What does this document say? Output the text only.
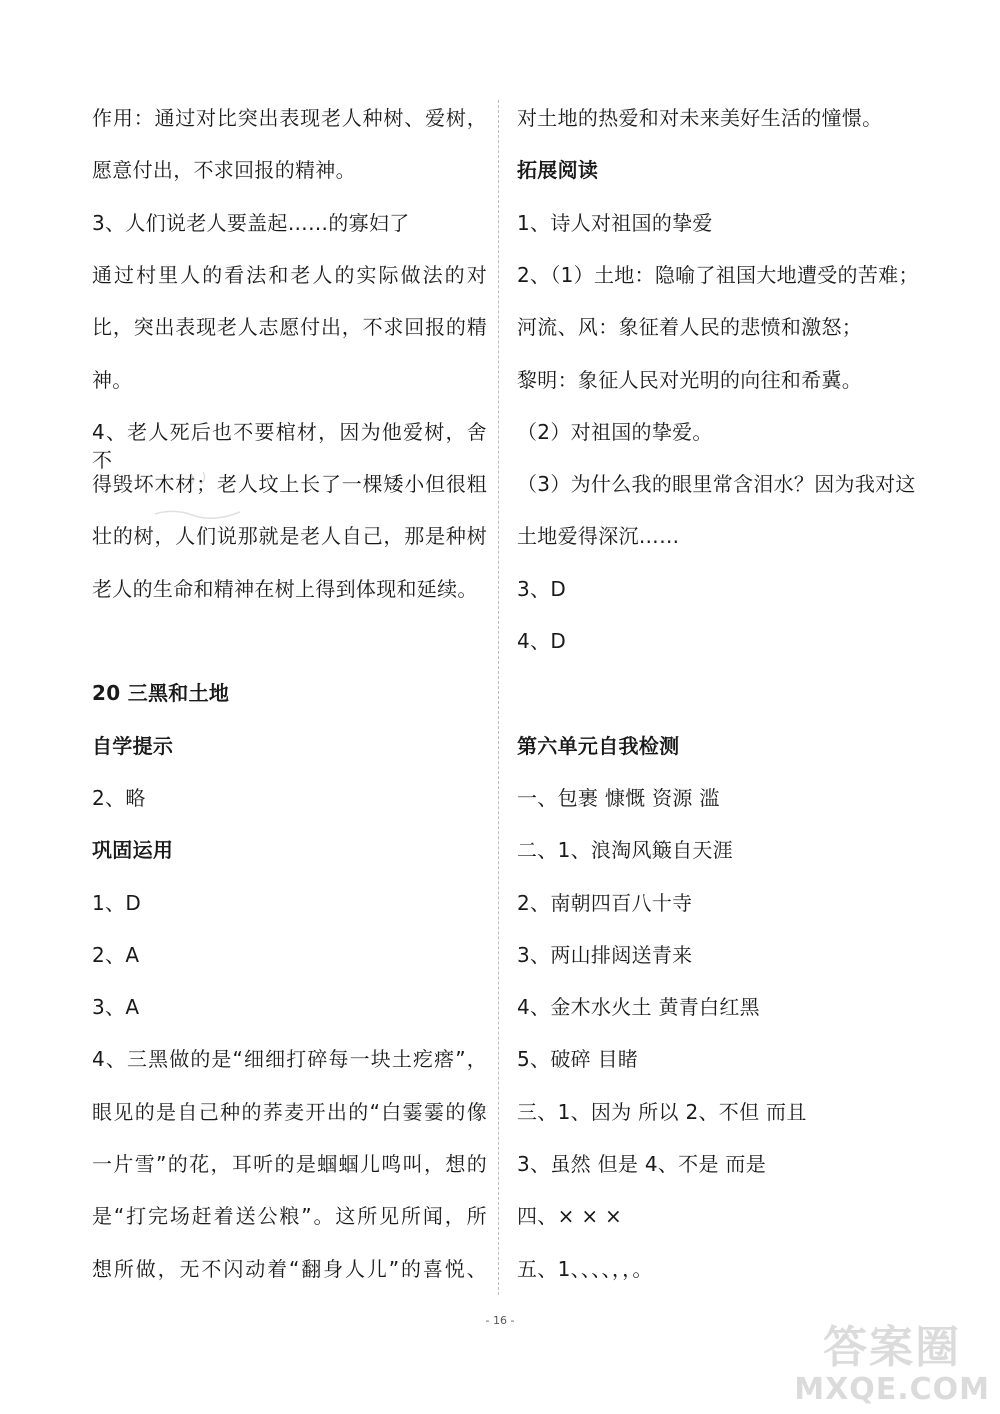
作用：通过对比突出表现老人种树、爱树，
愿意付出，不求回报的精神。
3、人们说老人要盖起……的寡妇了
通过村里人的看法和老人的实际做法的对
比，突出表现老人志愿付出，不求回报的精
神。
4、老人死后也不要棺材，因为他爱树，舍不
得毁坏木材；老人坟上长了一棵矮小但很粗
壮的树，人们说那就是老人自己，那是种树
老人的生命和精神在树上得到体现和延续。
20 三黑和土地
自学提示
2、略
巩固运用
1、D
2、A
3、A
4、三黑做的是“细细打碎每一块土疙瘩”，
眼见的是自己种的荞麦开出的“白霎霎的像
一片雪”的花，耳听的是蝈蝈儿鸣叫，想的
是“打完场赶着送公粮”。这所见所闻，所
想所做，无不闪动着“翻身人儿”的喜悦、
对土地的热爱和对未来美好生活的憧憬。
拓展阅读
1、诗人对祖国的挚爱
2、（1）土地：隐喻了祖国大地遭受的苦难；
河流、风：象征着人民的悲愤和激怒；
黎明：象征人民对光明的向往和希冀。
（2）对祖国的挚爱。
（3）为什么我的眼里常含泪水？因为我对这
土地爱得深沉……
3、D
4、D
第六单元自我检测
一、包裹 慷慨 资源 滥
二、1、浪淘风簸自天涯
2、南朝四百八十寺
3、两山排闼送青来
4、金木水火土 黄青白红黑
5、破碎 目睹
三、1、因为 所以 2、不但 而且
3、虽然 但是 4、不是 而是
四、× × ×
五、1、、、、，，。
- 16 -
答案圈
MXQE.COM
